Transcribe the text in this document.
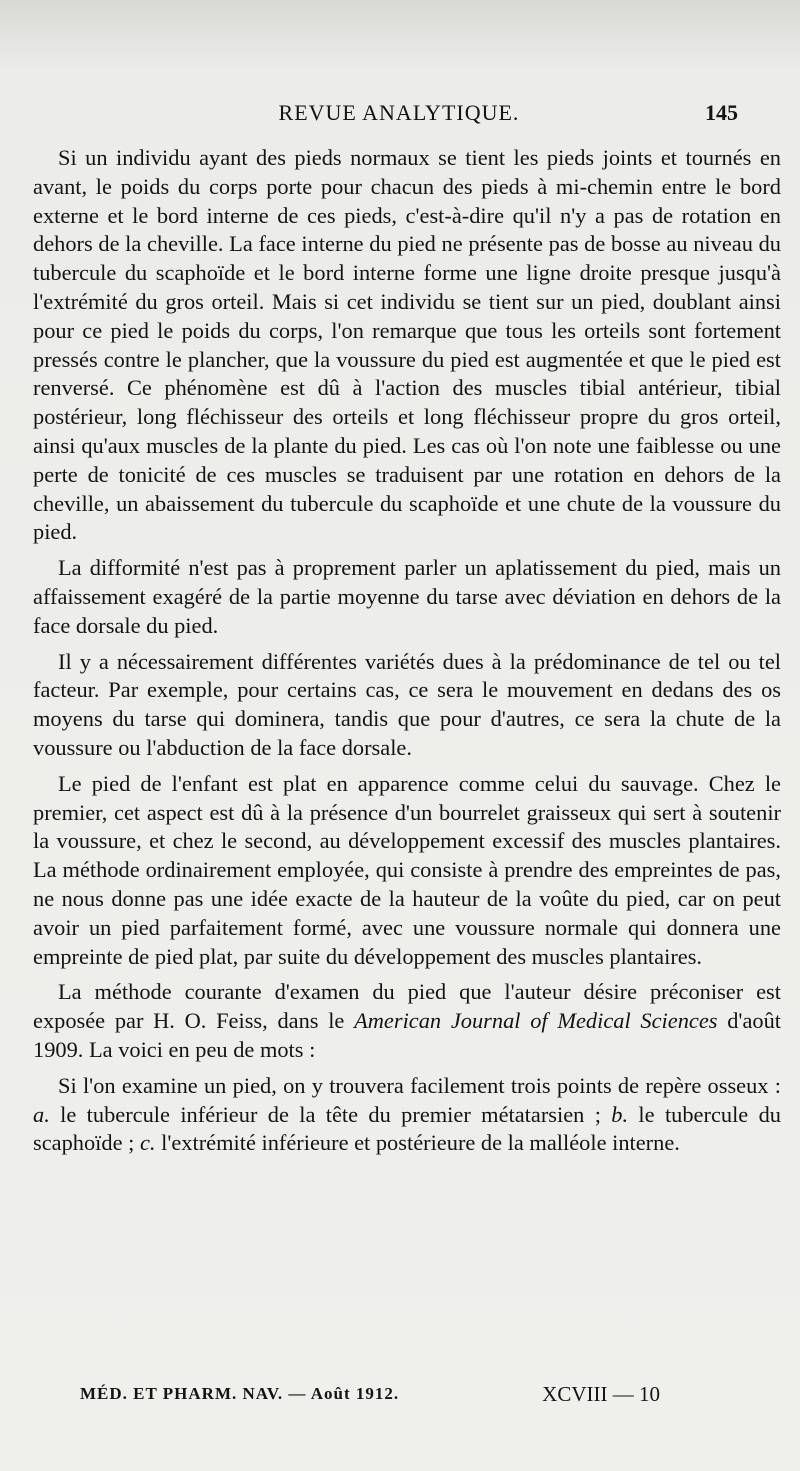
REVUE ANALYTIQUE.	145

Si un individu ayant des pieds normaux se tient les pieds joints et tournés en avant, le poids du corps porte pour chacun des pieds à mi-chemin entre le bord externe et le bord interne de ces pieds, c'est-à-dire qu'il n'y a pas de rotation en dehors de la cheville. La face interne du pied ne présente pas de bosse au niveau du tubercule du scaphoïde et le bord interne forme une ligne droite presque jusqu'à l'extrémité du gros orteil. Mais si cet individu se tient sur un pied, doublant ainsi pour ce pied le poids du corps, l'on remarque que tous les orteils sont fortement pressés contre le plancher, que la voussure du pied est augmentée et que le pied est renversé. Ce phénomène est dû à l'action des muscles tibial antérieur, tibial postérieur, long fléchisseur des orteils et long fléchisseur propre du gros orteil, ainsi qu'aux muscles de la plante du pied. Les cas où l'on note une faiblesse ou une perte de tonicité de ces muscles se traduisent par une rotation en dehors de la cheville, un abaissement du tubercule du scaphoïde et une chute de la voussure du pied.

La difformité n'est pas à proprement parler un aplatissement du pied, mais un affaissement exagéré de la partie moyenne du tarse avec déviation en dehors de la face dorsale du pied.

Il y a nécessairement différentes variétés dues à la prédominance de tel ou tel facteur. Par exemple, pour certains cas, ce sera le mouvement en dedans des os moyens du tarse qui dominera, tandis que pour d'autres, ce sera la chute de la voussure ou l'abduction de la face dorsale.

Le pied de l'enfant est plat en apparence comme celui du sauvage. Chez le premier, cet aspect est dû à la présence d'un bourrelet graisseux qui sert à soutenir la voussure, et chez le second, au développement excessif des muscles plantaires. La méthode ordinairement employée, qui consiste à prendre des empreintes de pas, ne nous donne pas une idée exacte de la hauteur de la voûte du pied, car on peut avoir un pied parfaitement formé, avec une voussure normale qui donnera une empreinte de pied plat, par suite du développement des muscles plantaires.

La méthode courante d'examen du pied que l'auteur désire préconiser est exposée par H. O. Feiss, dans le American Journal of Medical Sciences d'août 1909. La voici en peu de mots :

Si l'on examine un pied, on y trouvera facilement trois points de repère osseux : a. le tubercule inférieur de la tête du premier métatarsien ; b. le tubercule du scaphoïde ; c. l'extrémité inférieure et postérieure de la malléole interne.

MÉD. ET PHARM. NAV. — Août 1912.	XCVIII — 10
